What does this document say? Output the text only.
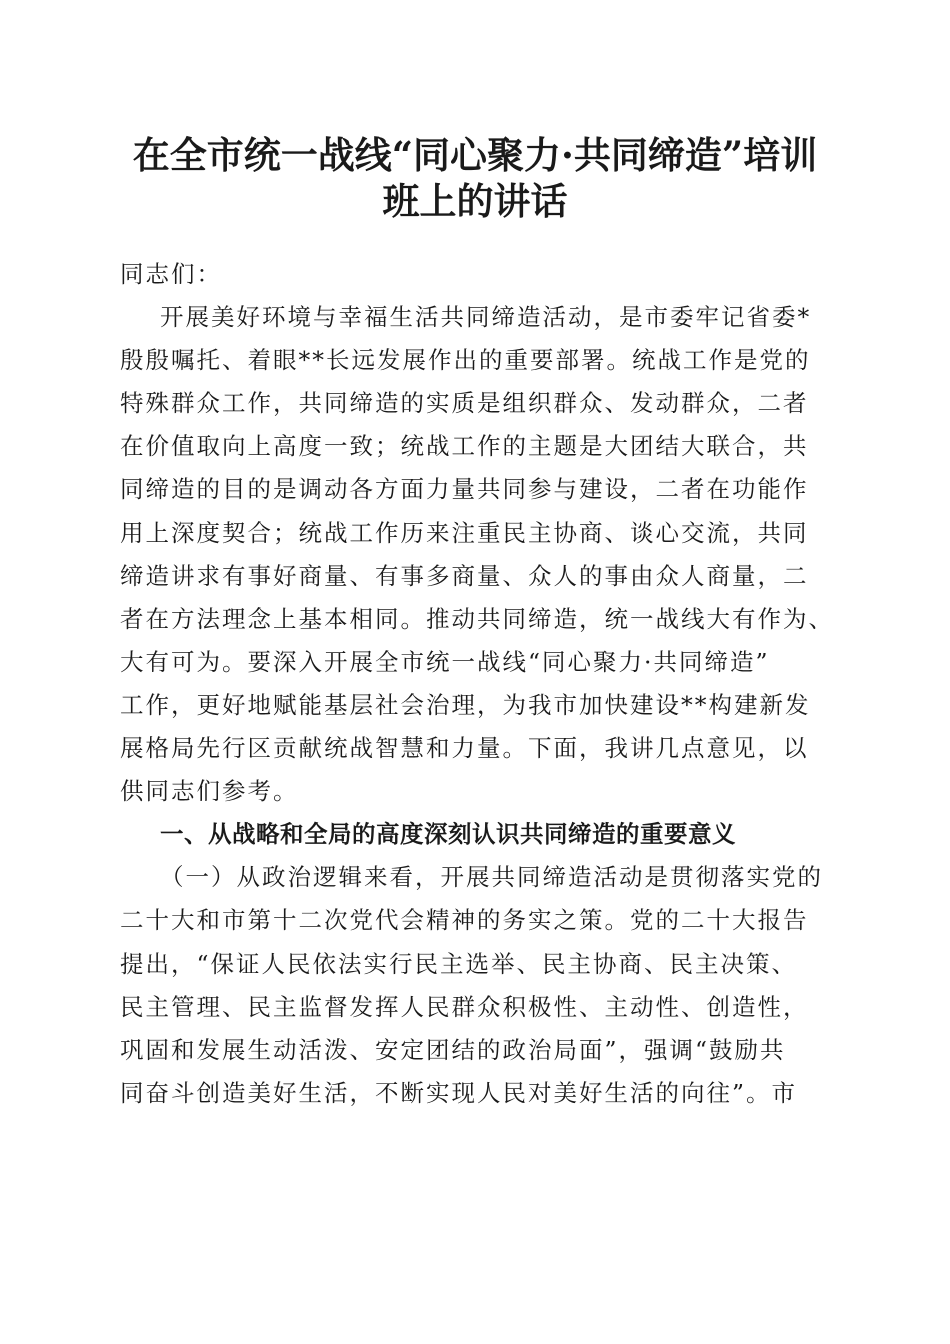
在全市统一战线“同心聚力·共同缔造”培训
班上的讲话
同志们：
开展美好环境与幸福生活共同缔造活动，是市委牢记省委*
殷殷嘱托、着眼**长远发展作出的重要部署。统战工作是党的
特殊群众工作，共同缔造的实质是组织群众、发动群众，二者
在价值取向上高度一致；统战工作的主题是大团结大联合，共
同缔造的目的是调动各方面力量共同参与建设，二者在功能作
用上深度契合；统战工作历来注重民主协商、谈心交流，共同
缔造讲求有事好商量、有事多商量、众人的事由众人商量，二
者在方法理念上基本相同。推动共同缔造，统一战线大有作为、
大有可为。要深入开展全市统一战线“同心聚力·共同缔造”
工作，更好地赋能基层社会治理，为我市加快建设**构建新发
展格局先行区贡献统战智慧和力量。下面，我讲几点意见，以
供同志们参考。
一、从战略和全局的高度深刻认识共同缔造的重要意义
（一）从政治逻辑来看，开展共同缔造活动是贯彻落实党的
二十大和市第十二次党代会精神的务实之策。党的二十大报告
提出，“保证人民依法实行民主选举、民主协商、民主决策、
民主管理、民主监督发挥人民群众积极性、主动性、创造性，
巩固和发展生动活泼、安定团结的政治局面”，强调“鼓励共
同奋斗创造美好生活，不断实现人民对美好生活的向往”。市
